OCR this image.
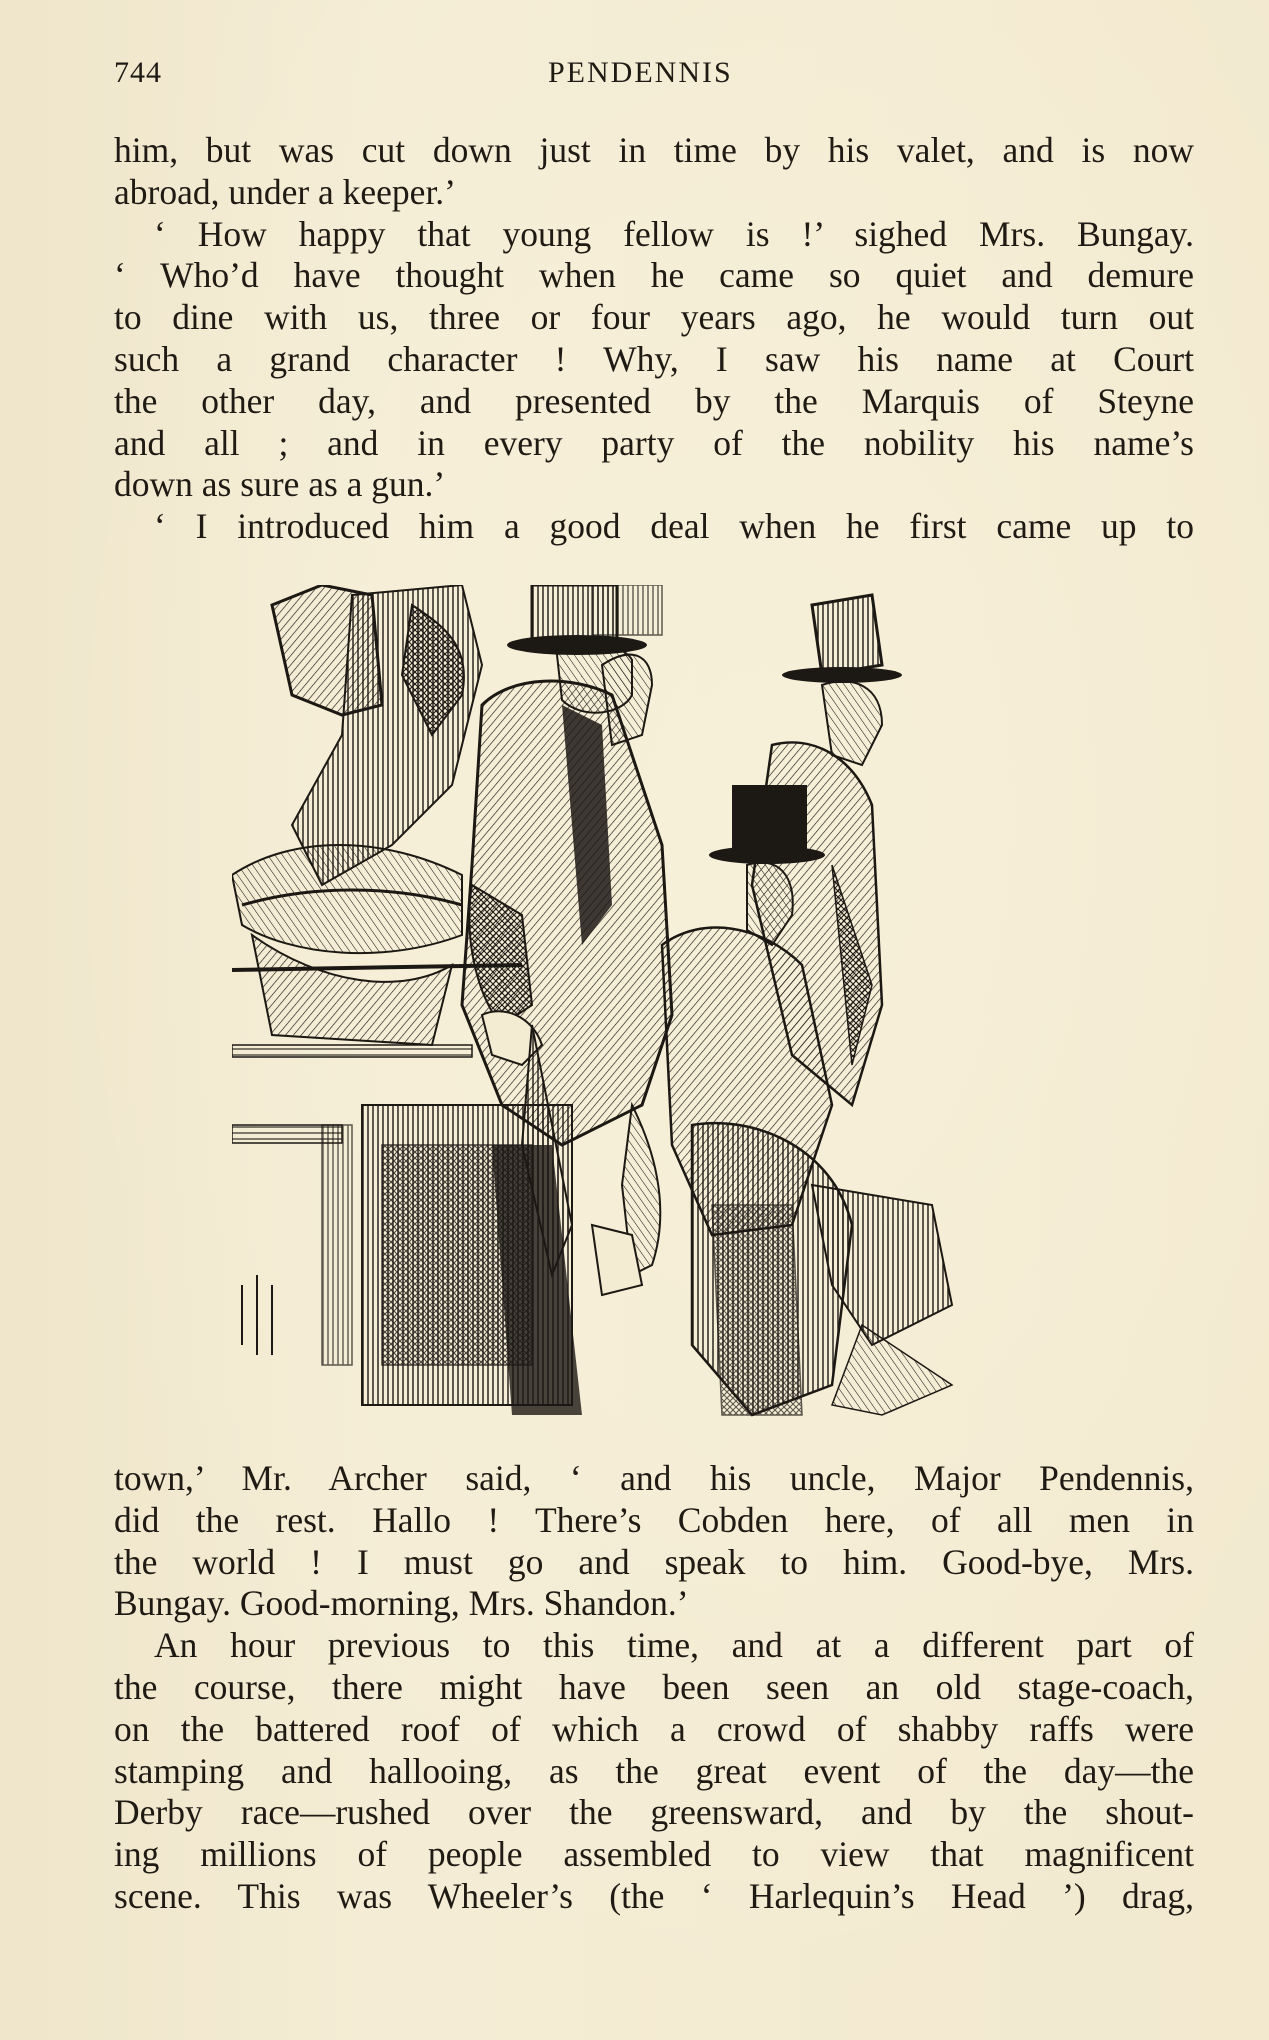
744	PENDENNIS

him, but was cut down just in time by his valet, and is now

abroad, under a keeper.’

‘ How happy that young fellow is !’ sighed Mrs. Bungay.

‘ Who’d have thought when he came so quiet and demure

to dine with us, three or four years ago, he would turn out

such a grand character ! Why, I saw his name at Court

the other day, and presented by the Marquis of Steyne

and all ; and in every party of the nobility his name’s

down as sure as a gun.’

‘ I introduced him a good deal when he first came up to

town,’ Mr. Archer said, ‘ and his uncle, Major Pendennis,

did the rest. Hallo ! There’s Cobden here, of all men in

the world ! I must go and speak to him. Good-bye, Mrs.

Bungay. Good-morning, Mrs. Shandon.’

An hour previous to this time, and at a different part of

the course, there might have been seen an old stage-coach,

on the battered roof of which a crowd of shabby raffs were

stamping and hallooing, as the great event of the day—the

Derby race—rushed over the greensward, and by the shout-

ing millions of people assembled to view that magnificent

scene. This was Wheeler’s (the ‘ Harlequin’s Head ’) drag,
